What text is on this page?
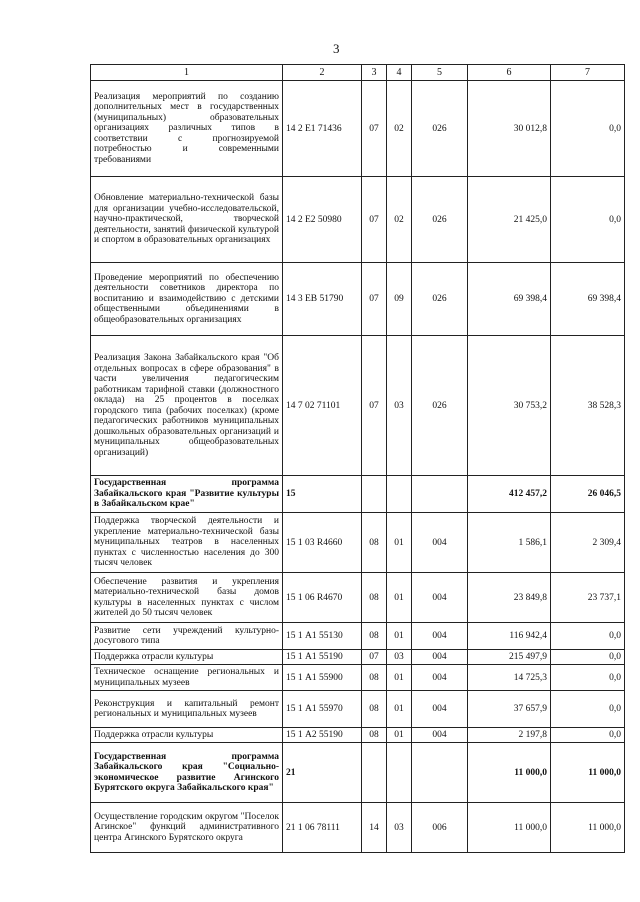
3
1	2	3	4	5	6	7
Реализация мероприятий по созданию дополнительных мест в государственных (муниципальных) образовательных организациях различных типов в соответствии с прогнозируемой потребностью и современными требованиями	14 2 Е1 71436	07	02	026	30 012,8	0,0
Обновление материально-технической базы для организации учебно-исследовательской, научно-практической, творческой деятельности, занятий физической культурой и спортом в образовательных организациях	14 2 Е2 50980	07	02	026	21 425,0	0,0
Проведение мероприятий по обеспечению деятельности советников директора по воспитанию и взаимодействию с детскими общественными объединениями в общеобразовательных организациях	14 3 ЕВ 51790	07	09	026	69 398,4	69 398,4
Реализация Закона Забайкальского края "Об отдельных вопросах в сфере образования" в части увеличения педагогическим работникам тарифной ставки (должностного оклада) на 25 процентов в поселках городского типа (рабочих поселках) (кроме педагогических работников муниципальных дошкольных образовательных организаций и муниципальных общеобразовательных организаций)	14 7 02 71101	07	03	026	30 753,2	38 528,3
Государственная программа Забайкальского края "Развитие культуры в Забайкальском крае"	15				412 457,2	26 046,5
Поддержка творческой деятельности и укрепление материально-технической базы муниципальных театров в населенных пунктах с численностью населения до 300 тысяч человек	15 1 03 R4660	08	01	004	1 586,1	2 309,4
Обеспечение развития и укрепления материально-технической базы домов культуры в населенных пунктах с числом жителей до 50 тысяч человек	15 1 06 R4670	08	01	004	23 849,8	23 737,1
Развитие сети учреждений культурно-досугового типа	15 1 А1 55130	08	01	004	116 942,4	0,0
Поддержка отрасли культуры	15 1 А1 55190	07	03	004	215 497,9	0,0
Техническое оснащение региональных и муниципальных музеев	15 1 А1 55900	08	01	004	14 725,3	0,0
Реконструкция и капитальный ремонт региональных и муниципальных музеев	15 1 А1 55970	08	01	004	37 657,9	0,0
Поддержка отрасли культуры	15 1 А2 55190	08	01	004	2 197,8	0,0
Государственная программа Забайкальского края "Социально-экономическое развитие Агинского Бурятского округа Забайкальского края"	21				11 000,0	11 000,0
Осуществление городским округом "Поселок Агинское" функций административного центра Агинского Бурятского округа	21 1 06 78111	14	03	006	11 000,0	11 000,0
